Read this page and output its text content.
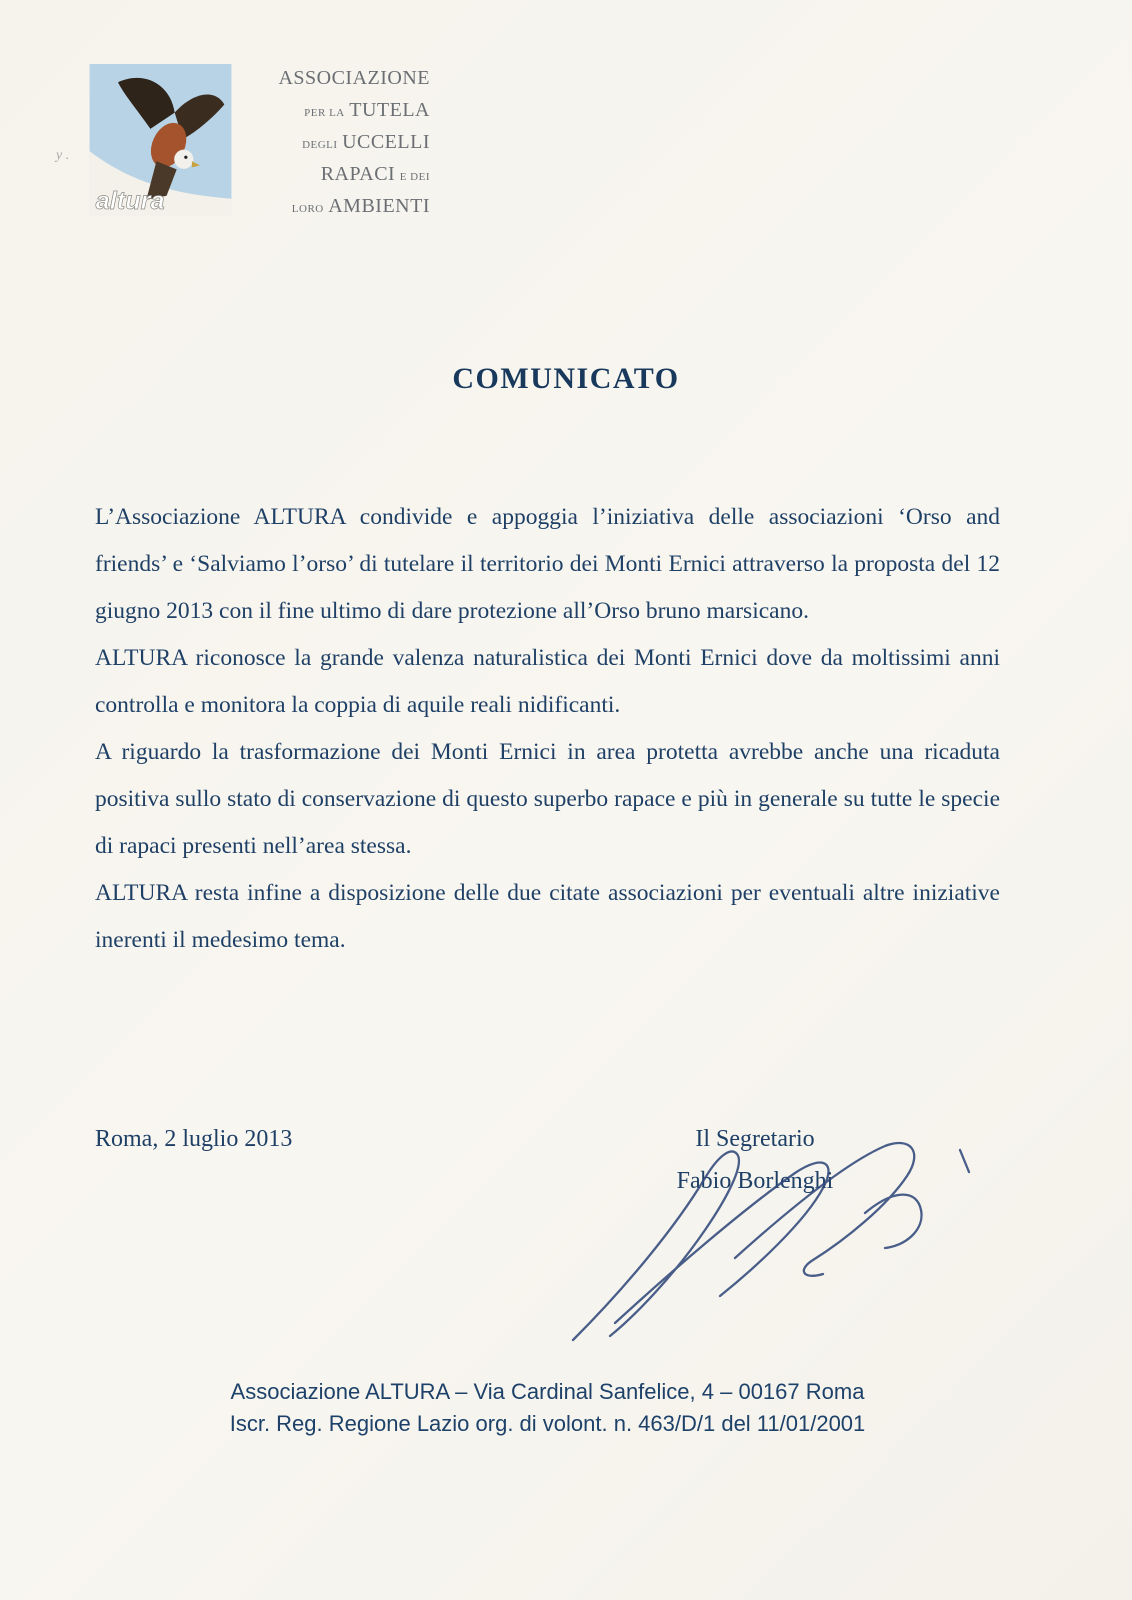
altura
ASSOCIAZIONE
PER LA TUTELA
DEGLI UCCELLI
RAPACI E DEI
LORO AMBIENTI
y .
COMUNICATO

L’Associazione ALTURA condivide e appoggia l’iniziativa delle associazioni ‘Orso and friends’ e ‘Salviamo l’orso’ di tutelare il territorio dei Monti Ernici attraverso la proposta del 12 giugno 2013 con il fine ultimo di dare protezione all’Orso bruno marsicano.

ALTURA riconosce la grande valenza naturalistica dei Monti Ernici dove da moltissimi anni controlla e monitora la coppia di aquile reali nidificanti.

A riguardo la trasformazione dei Monti Ernici in area protetta avrebbe anche una ricaduta positiva sullo stato di conservazione di questo superbo rapace e più in generale su tutte le specie di rapaci presenti nell’area stessa.

ALTURA resta infine a disposizione delle due citate associazioni per eventuali altre iniziative inerenti il medesimo tema.

Roma, 2 luglio 2013	Il Segretario
Fabio Borlenghi
Associazione ALTURA – Via Cardinal Sanfelice, 4 – 00167 Roma
Iscr. Reg. Regione Lazio org. di volont. n. 463/D/1 del 11/01/2001
